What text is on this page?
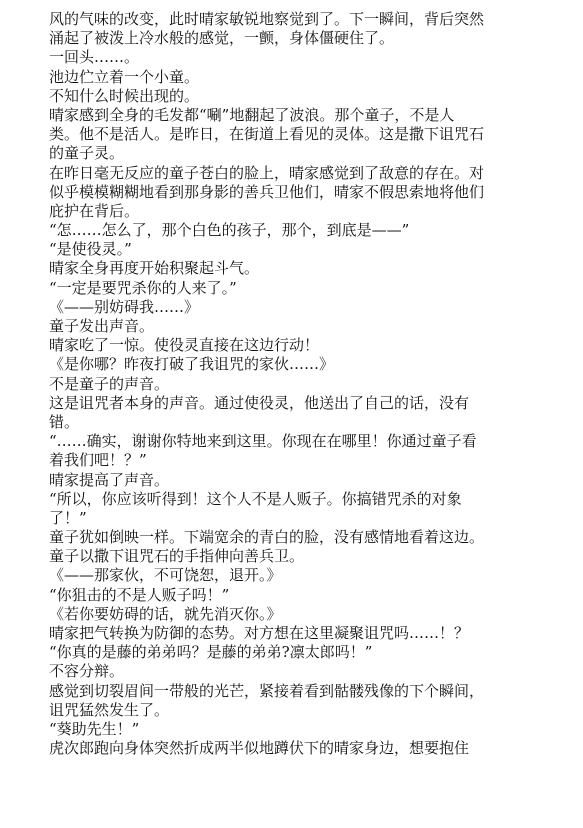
风的气味的改变，此时晴家敏锐地察觉到了。下一瞬间，背后突然
涌起了被泼上冷水般的感觉，一颤，身体僵硬住了。
一回头……。
池边伫立着一个小童。
不知什么时候出现的。
晴家感到全身的毛发都“唰”地翻起了波浪。那个童子，不是人
类。他不是活人。是昨日，在街道上看见的灵体。这是撒下诅咒石
的童子灵。
在昨日毫无反应的童子苍白的脸上，晴家感觉到了敌意的存在。对
似乎模模糊糊地看到那身影的善兵卫他们，晴家不假思索地将他们
庇护在背后。
“怎……怎么了，那个白色的孩子，那个，到底是——”
“是使役灵。”
晴家全身再度开始积聚起斗气。
“一定是要咒杀你的人来了。”
《——别妨碍我……》
童子发出声音。
晴家吃了一惊。使役灵直接在这边行动！
《是你哪？昨夜打破了我诅咒的家伙……》
不是童子的声音。
这是诅咒者本身的声音。通过使役灵，他送出了自己的话，没有
错。
“……确实，谢谢你特地来到这里。你现在在哪里！你通过童子看
着我们吧！？”
晴家提高了声音。
“所以，你应该听得到！这个人不是人贩子。你搞错咒杀的对象
了！”
童子犹如倒映一样。下端宽余的青白的脸，没有感情地看着这边。
童子以撒下诅咒石的手指伸向善兵卫。
《——那家伙，不可饶恕，退开。》
“你狙击的不是人贩子吗！”
《若你要妨碍的话，就先消灭你。》
晴家把气转换为防御的态势。对方想在这里凝聚诅咒吗……！？
“你真的是藤的弟弟吗？是藤的弟弟?凛太郎吗！”
不容分辩。
感觉到切裂眉间一带般的光芒，紧接着看到骷髅残像的下个瞬间，
诅咒猛然发生了。
“葵助先生！”
虎次郎跑向身体突然折成两半似地蹲伏下的晴家身边，想要抱住
